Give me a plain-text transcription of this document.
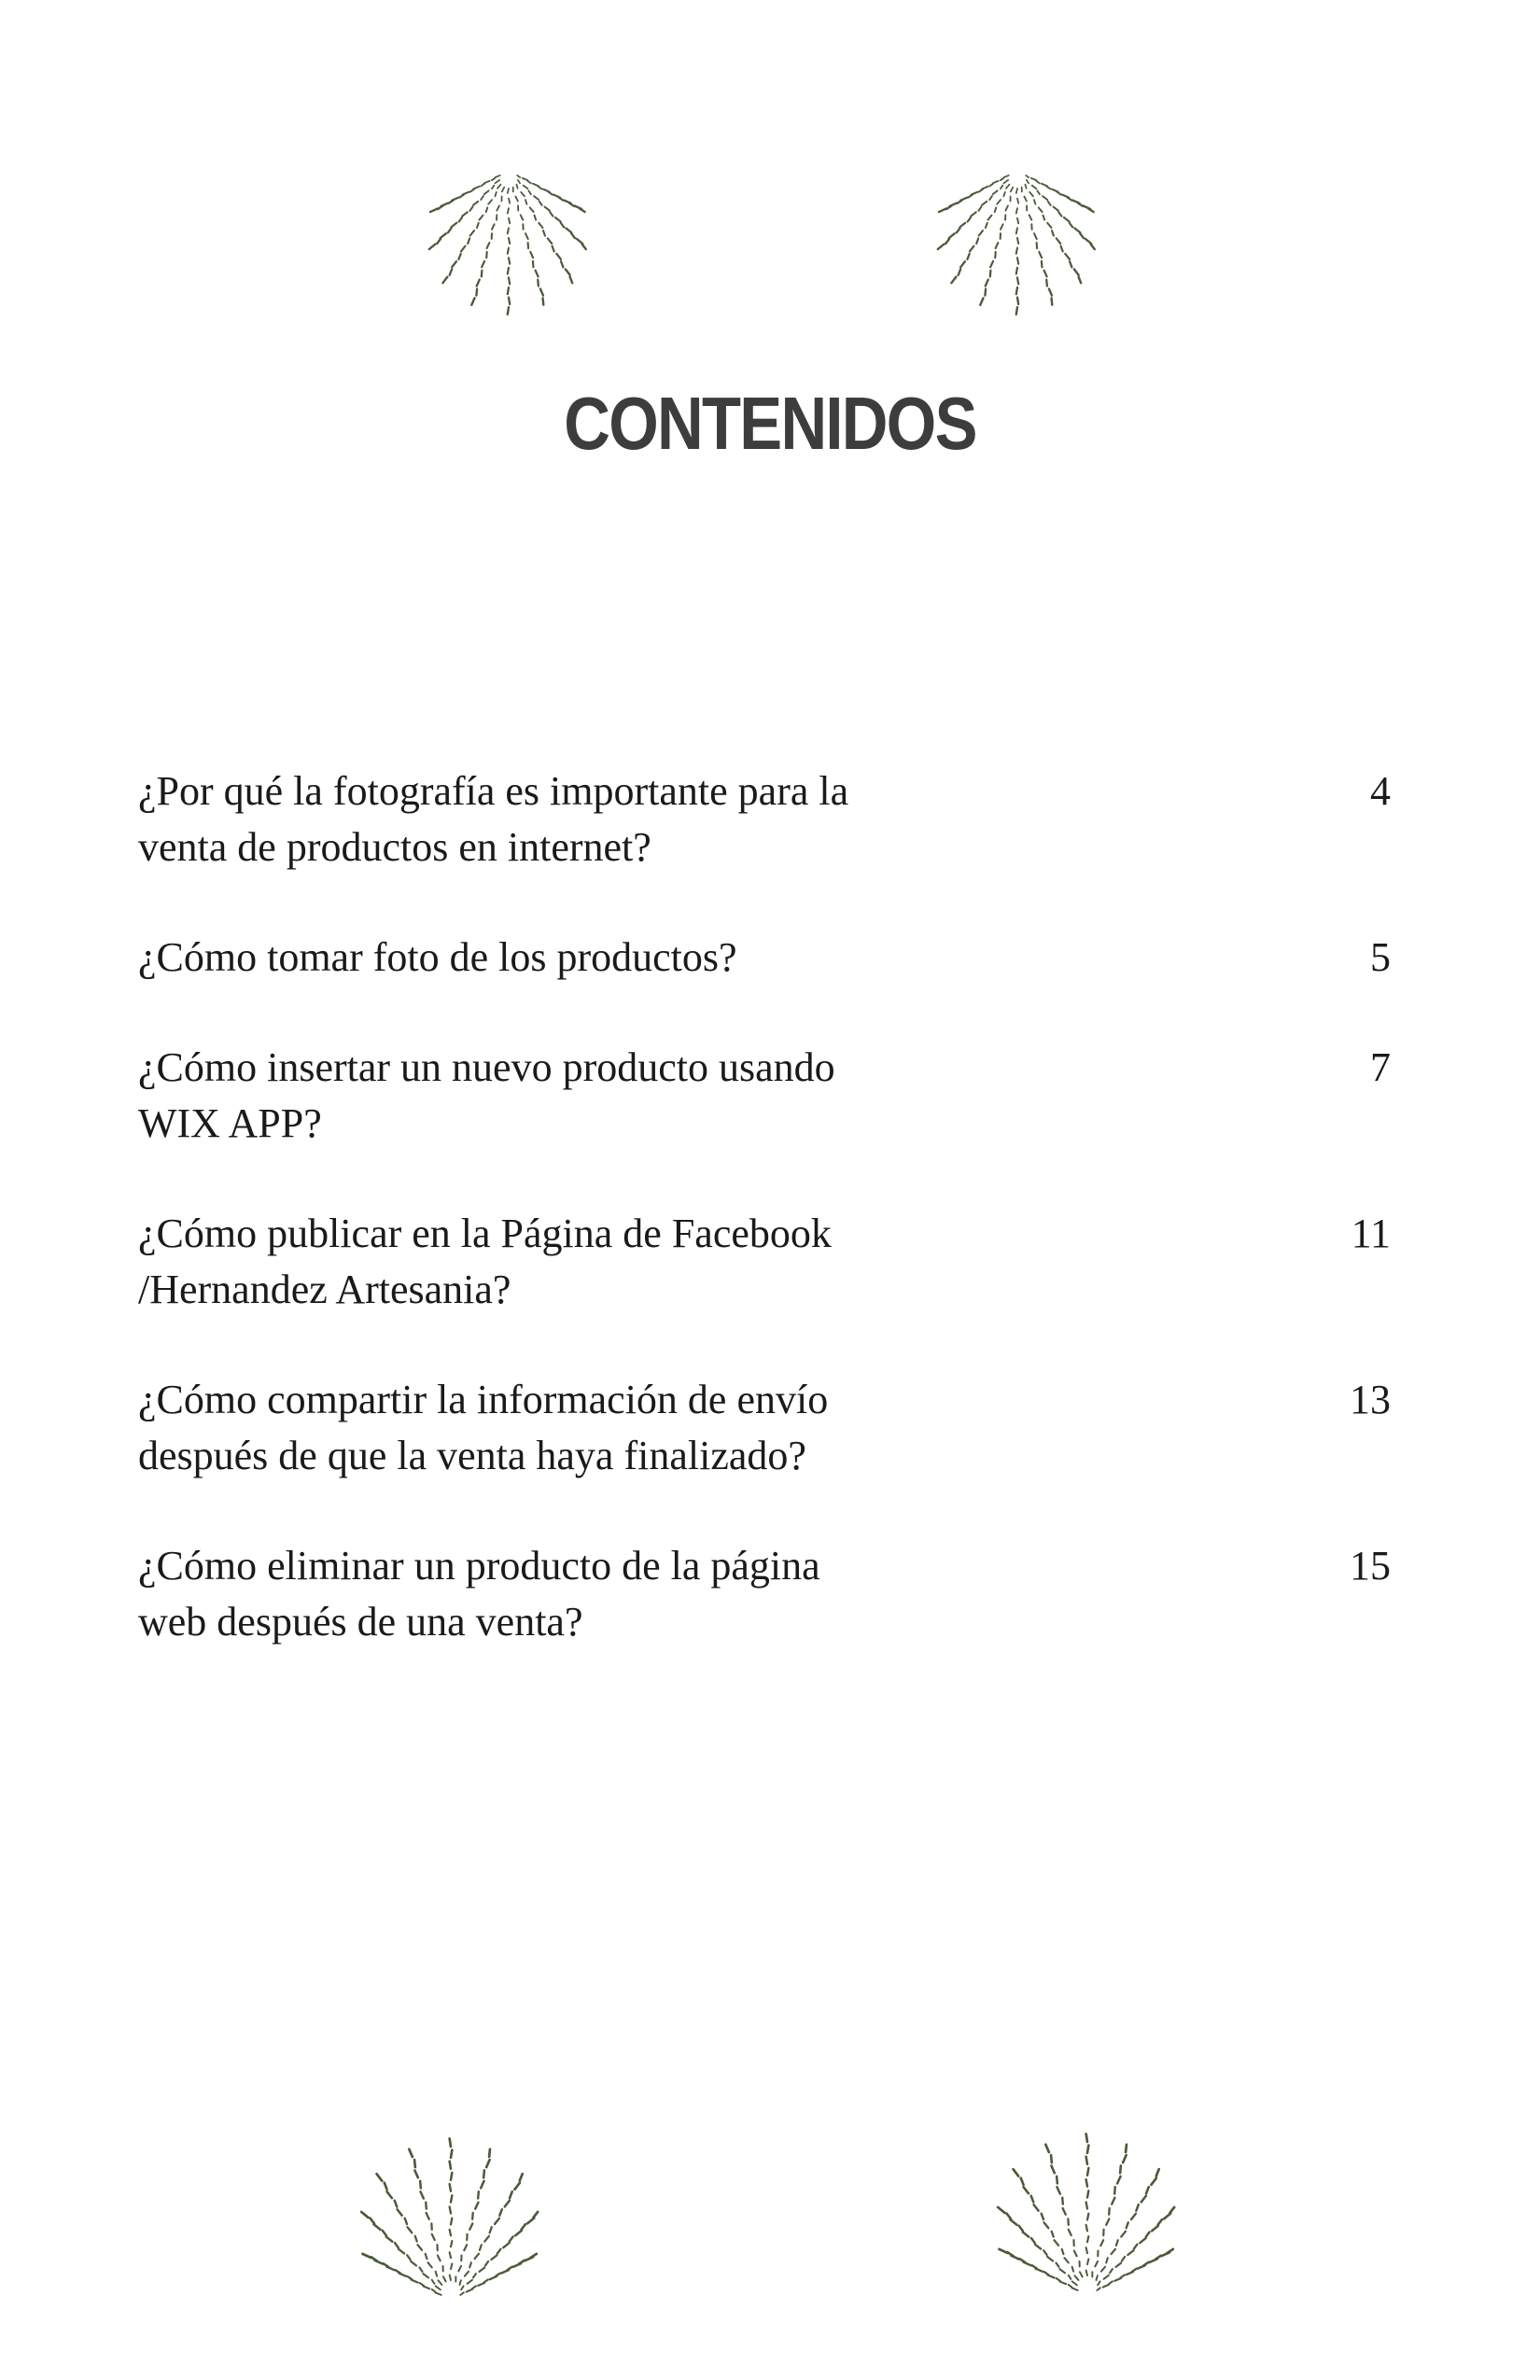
CONTENIDOS
¿Por qué la fotografía es importante para la
venta de productos en internet?
4
¿Cómo tomar foto de los productos?	5
¿Cómo insertar un nuevo producto usando
WIX APP?
7
¿Cómo publicar en la Página de Facebook
/Hernandez Artesania?
11
¿Cómo compartir la información de envío
después de que la venta haya finalizado?
13
¿Cómo eliminar un producto de la página
web después de una venta?
15
